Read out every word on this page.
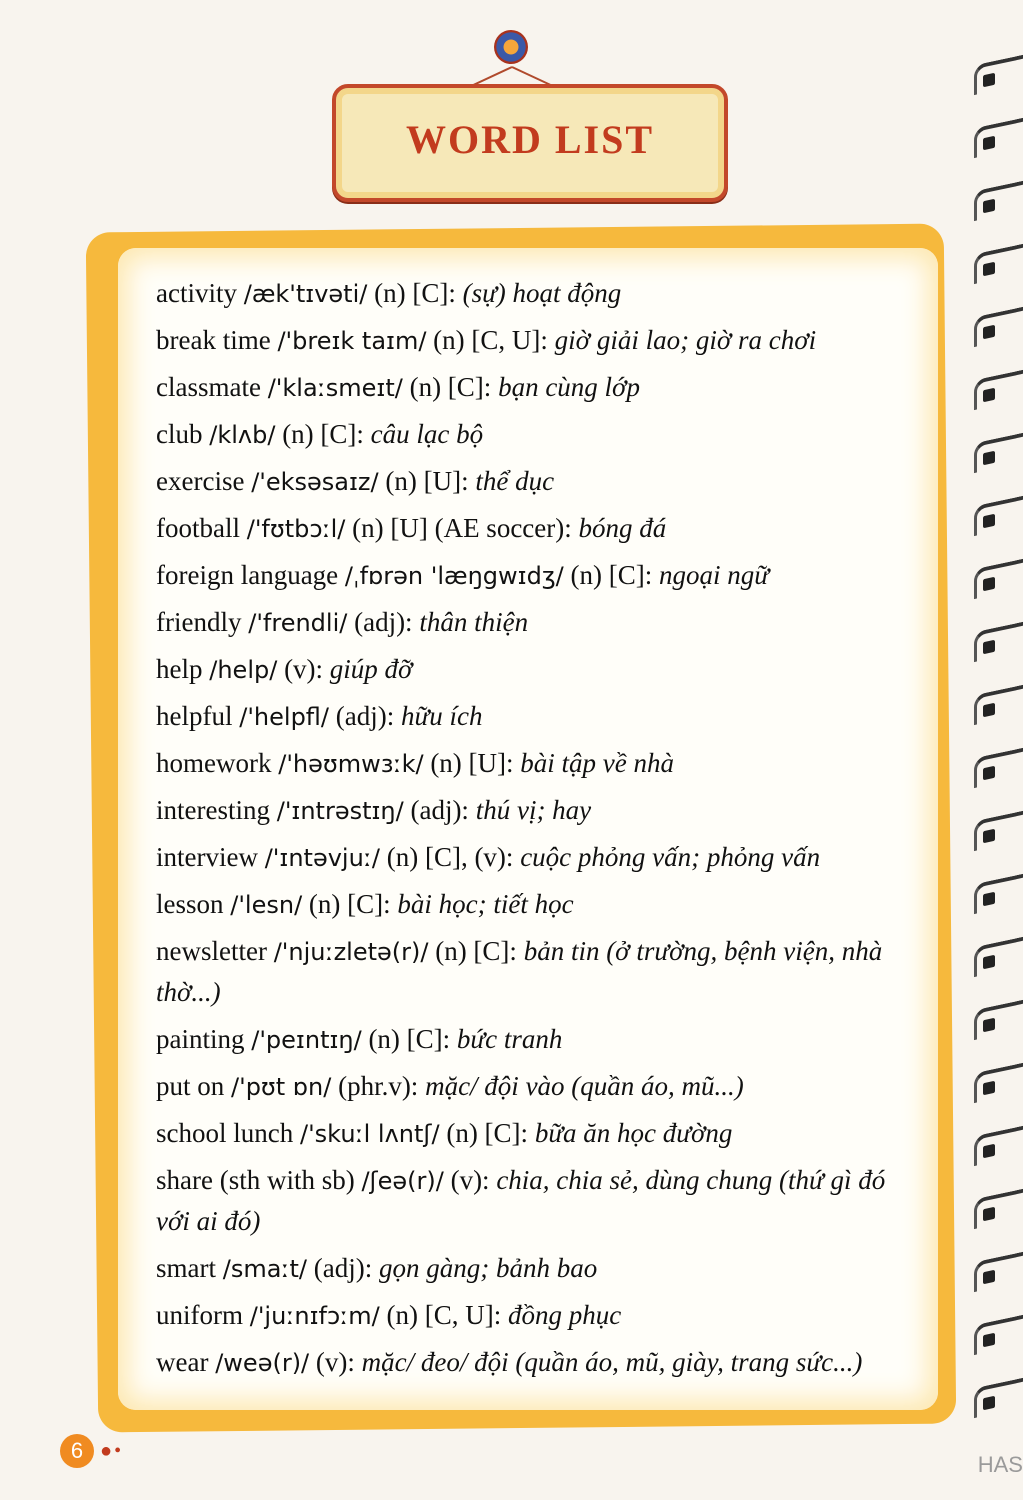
WORD LIST

activity /æk'tɪvəti/ (n) [C]: (sự) hoạt động

break time /'breɪk taɪm/ (n) [C, U]: giờ giải lao; giờ ra chơi

classmate /'klaːsmeɪt/ (n) [C]: bạn cùng lớp

club /klʌb/ (n) [C]: câu lạc bộ

exercise /'eksəsaɪz/ (n) [U]: thể dục

football /'fʊtbɔːl/ (n) [U] (AE soccer): bóng đá

foreign language /ˌfɒrən 'læŋgwɪdʒ/ (n) [C]: ngoại ngữ

friendly /'frendli/ (adj): thân thiện

help /help/ (v): giúp đỡ

helpful /'helpfl/ (adj): hữu ích

homework /'həʊmwɜːk/ (n) [U]: bài tập về nhà

interesting /'ɪntrəstɪŋ/ (adj): thú vị; hay

interview /'ɪntəvjuː/ (n) [C], (v): cuộc phỏng vấn; phỏng vấn

lesson /'lesn/ (n) [C]: bài học; tiết học

newsletter /'njuːzletə(r)/ (n) [C]: bản tin (ở trường, bệnh viện, nhà thờ...)

painting /'peɪntɪŋ/ (n) [C]: bức tranh

put on /'pʊt ɒn/ (phr.v): mặc/ đội vào (quần áo, mũ...)

school lunch /'skuːl lʌntʃ/ (n) [C]: bữa ăn học đường

share (sth with sb) /ʃeə(r)/ (v): chia, chia sẻ, dùng chung (thứ gì đó với ai đó)

smart /smaːt/ (adj): gọn gàng; bảnh bao

uniform /'juːnɪfɔːm/ (n) [C, U]: đồng phục

wear /weə(r)/ (v): mặc/ đeo/ đội (quần áo, mũ, giày, trang sức...)

6 ●•
HAS
